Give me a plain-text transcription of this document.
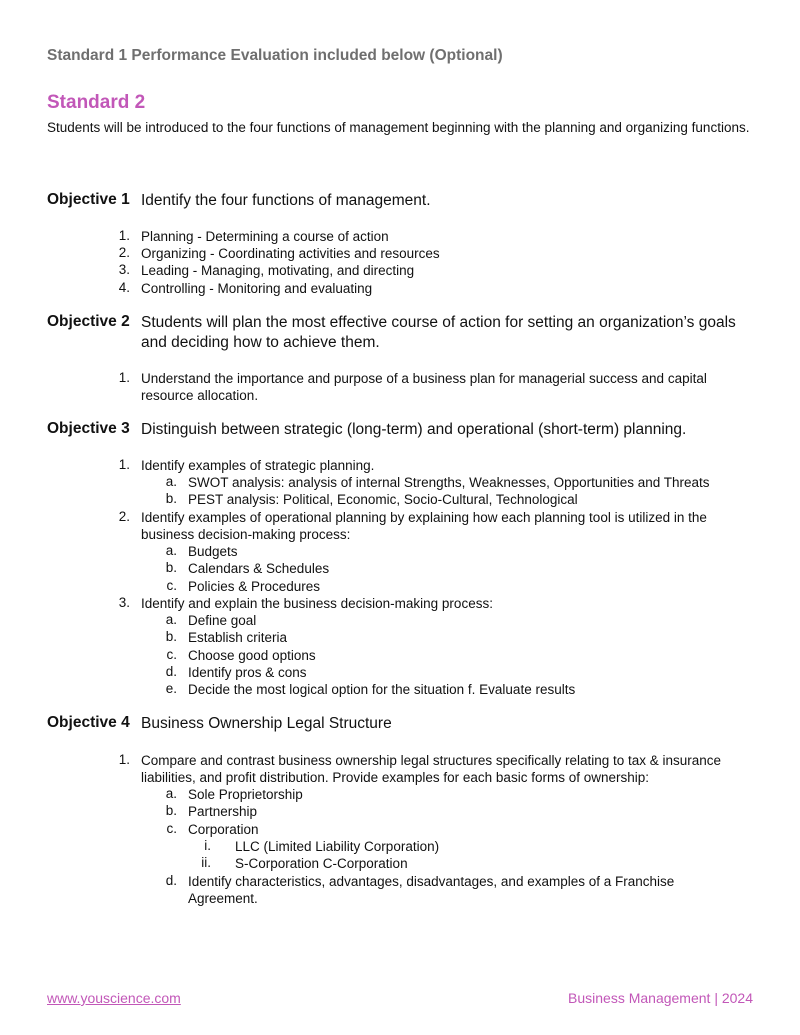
Standard 1 Performance Evaluation included below (Optional)
Standard 2
Students will be introduced to the four functions of management beginning with the planning and organizing functions.
Objective 1 Identify the four functions of management.
1. Planning - Determining a course of action
2. Organizing - Coordinating activities and resources
3. Leading - Managing, motivating, and directing
4. Controlling - Monitoring and evaluating
Objective 2 Students will plan the most effective course of action for setting an organization’s goals and deciding how to achieve them.
1. Understand the importance and purpose of a business plan for managerial success and capital resource allocation.
Objective 3 Distinguish between strategic (long-term) and operational (short-term) planning.
1. Identify examples of strategic planning.
a. SWOT analysis: analysis of internal Strengths, Weaknesses, Opportunities and Threats
b. PEST analysis: Political, Economic, Socio-Cultural, Technological
2. Identify examples of operational planning by explaining how each planning tool is utilized in the business decision-making process:
a. Budgets
b. Calendars & Schedules
c. Policies & Procedures
3. Identify and explain the business decision-making process:
a. Define goal
b. Establish criteria
c. Choose good options
d. Identify pros & cons
e. Decide the most logical option for the situation f. Evaluate results
Objective 4 Business Ownership Legal Structure
1. Compare and contrast business ownership legal structures specifically relating to tax & insurance liabilities, and profit distribution. Provide examples for each basic forms of ownership:
a. Sole Proprietorship
b. Partnership
c. Corporation
i. LLC (Limited Liability Corporation)
ii. S-Corporation C-Corporation
d. Identify characteristics, advantages, disadvantages, and examples of a Franchise Agreement.
www.youscience.com	Business Management | 2024
